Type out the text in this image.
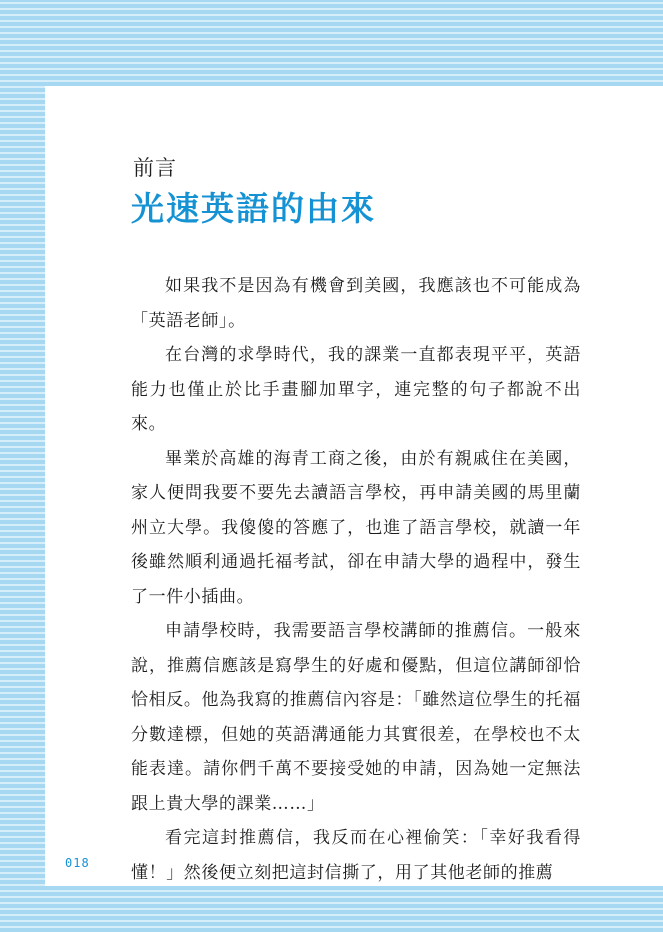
前言
光速英語的由來

如果我不是因為有機會到美國，我應該也不可能成為「英語老師」。

在台灣的求學時代，我的課業一直都表現平平，英語能力也僅止於比手畫腳加單字，連完整的句子都說不出來。

畢業於高雄的海青工商之後，由於有親戚住在美國，家人便問我要不要先去讀語言學校，再申請美國的馬里蘭州立大學。我傻傻的答應了，也進了語言學校，就讀一年後雖然順利通過托福考試，卻在申請大學的過程中，發生了一件小插曲。

申請學校時，我需要語言學校講師的推薦信。一般來說，推薦信應該是寫學生的好處和優點，但這位講師卻恰恰相反。他為我寫的推薦信內容是：「雖然這位學生的托福分數達標，但她的英語溝通能力其實很差，在學校也不太能表達。請你們千萬不要接受她的申請，因為她一定無法跟上貴大學的課業……」

看完這封推薦信，我反而在心裡偷笑：「幸好我看得懂！」然後便立刻把這封信撕了，用了其他老師的推薦

018
